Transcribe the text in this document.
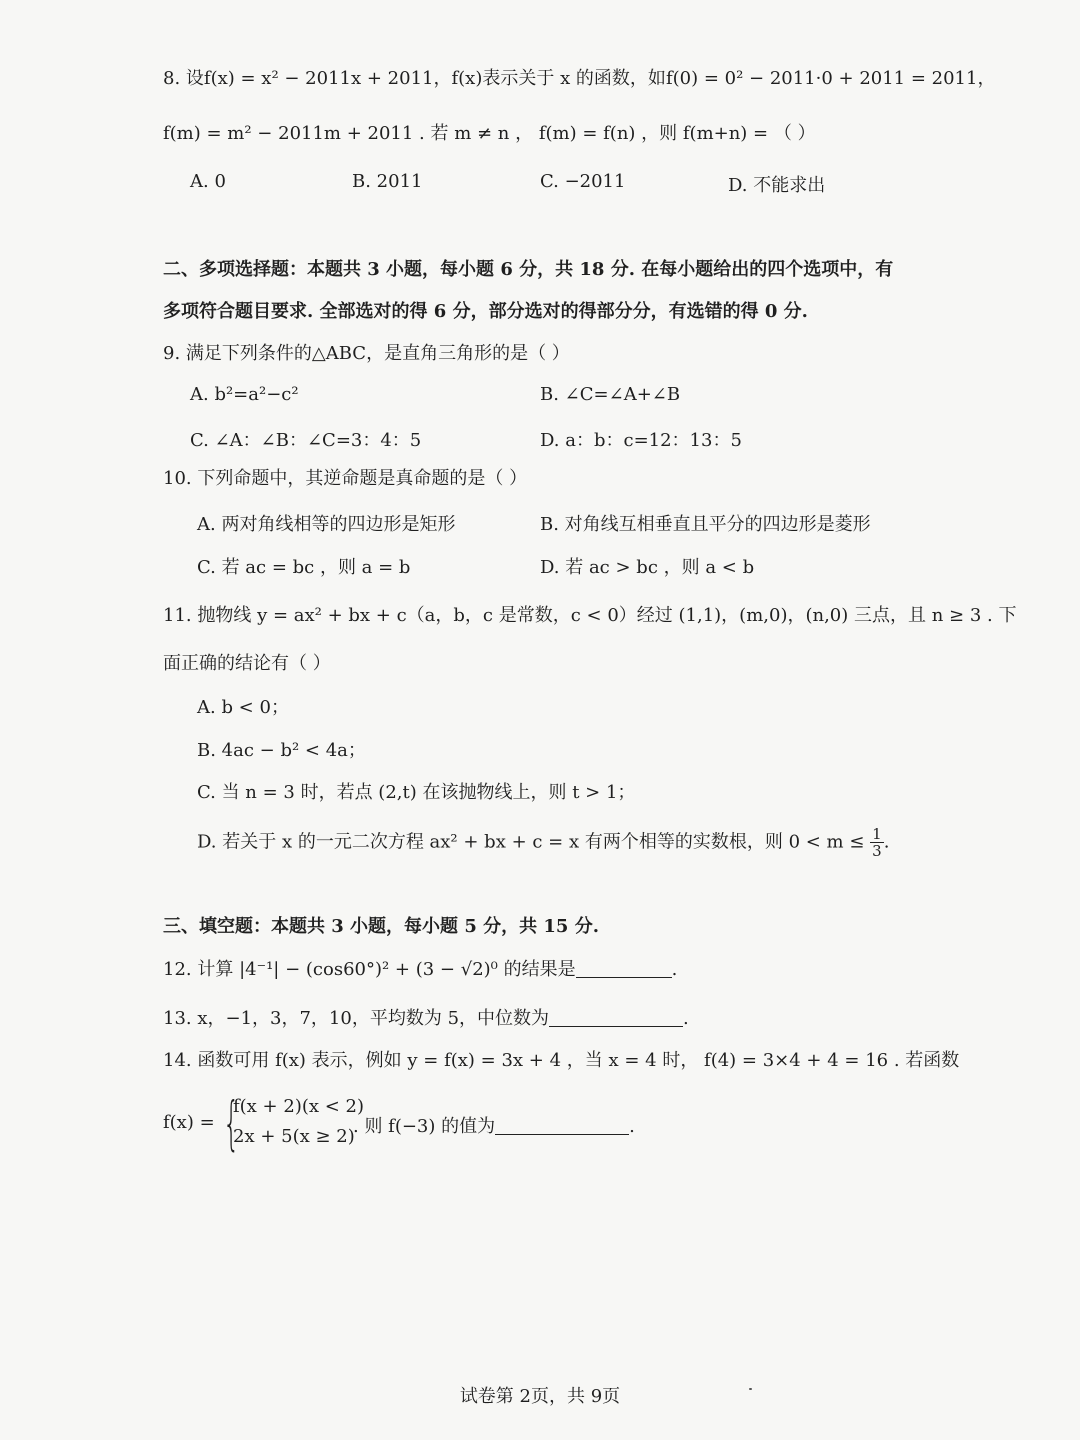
8. 设f(x) = x² − 2011x + 2011，f(x)表示关于 x 的函数，如f(0) = 0² − 2011·0 + 2011 = 2011，
f(m) = m² − 2011m + 2011 . 若 m ≠ n ， f(m) = f(n) ，则 f(m+n) = （ ）
A. 0	B. 2011	C. −2011	D. 不能求出
二、多项选择题：本题共 3 小题，每小题 6 分，共 18 分. 在每小题给出的四个选项中，有
多项符合题目要求. 全部选对的得 6 分，部分选对的得部分分，有选错的得 0 分.
9. 满足下列条件的△ABC，是直角三角形的是（ ）
A. b²=a²−c²	B. ∠C=∠A+∠B
C. ∠A：∠B：∠C=3：4：5	D. a：b：c=12：13：5
10. 下列命题中，其逆命题是真命题的是（ ）
A. 两对角线相等的四边形是矩形	B. 对角线互相垂直且平分的四边形是菱形
C. 若 ac = bc ，则 a = b	D. 若 ac > bc ，则 a < b
11. 抛物线 y = ax² + bx + c（a，b，c 是常数，c < 0）经过 (1,1)，(m,0)，(n,0) 三点，且 n ≥ 3 . 下
面正确的结论有（ ）
A. b < 0；
B. 4ac − b² < 4a；
C. 当 n = 3 时，若点 (2,t) 在该抛物线上，则 t > 1；
D. 若关于 x 的一元二次方程 ax² + bx + c = x 有两个相等的实数根，则 $0 < m \le \frac{1}{3}$ .
三、填空题：本题共 3 小题，每小题 5 分，共 15 分.
12. 计算 |4⁻¹| − (cos60°)² + (3 − √2)⁰ 的结果是	.
13. x，−1，3，7，10，平均数为 5，中位数为	.
14. 函数可用 f(x) 表示，例如 y = f(x) = 3x + 4 ，当 x = 4 时， f(4) = 3×4 + 4 = 16 . 若函数
f(x) = {
f(x + 2)(x < 2)
2x + 5(x ≥ 2)
. 则 f(−3) 的值为	.
试卷第 2页，共 9页
